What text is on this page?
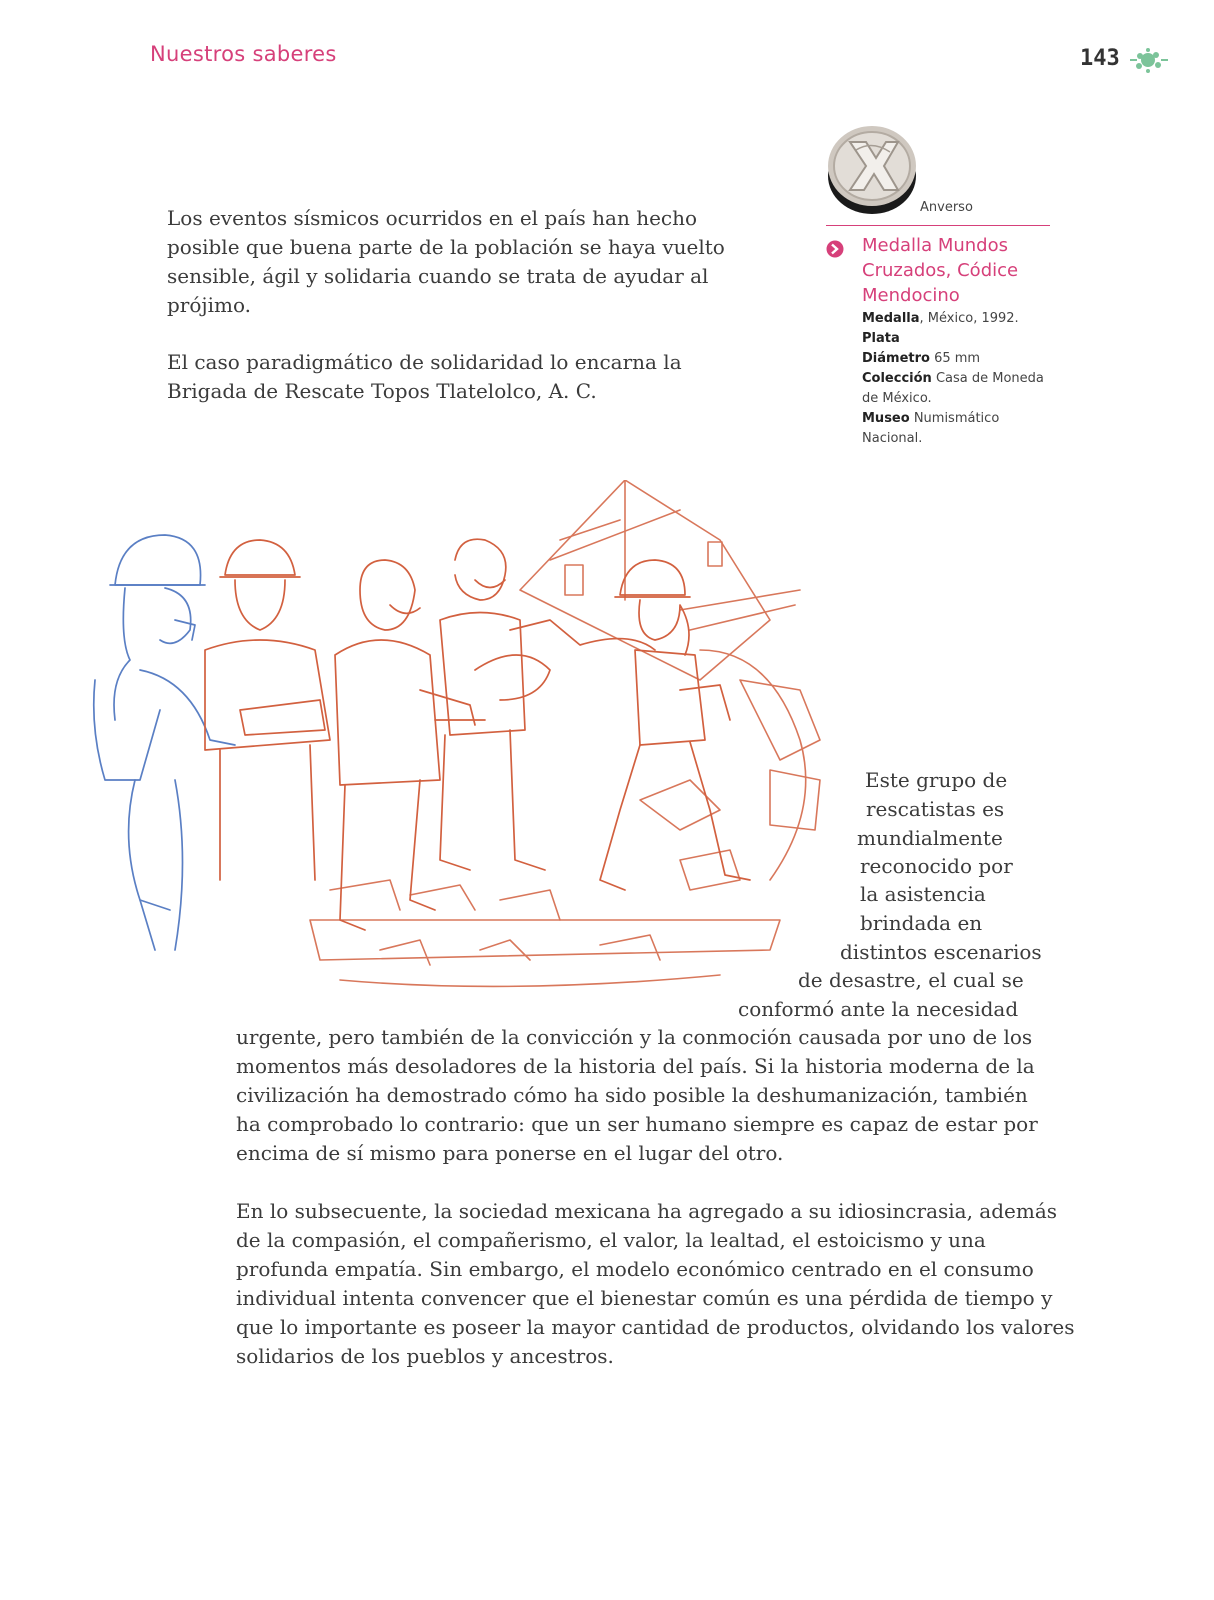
Nuestros saberes	143

Los eventos sísmicos ocurridos en el país han hecho
posible que buena parte de la población se haya vuelto
sensible, ágil y solidaria cuando se trata de ayudar al
prójimo.

El caso paradigmático de solidaridad lo encarna la
Brigada de Rescate Topos Tlatelolco, A. C.

Anverso

Medalla Mundos
Cruzados, Códice
Mendocino

Medalla, México, 1992.
Plata
Diámetro 65 mm
Colección Casa de Moneda
de México.
Museo Numismático
Nacional.
Este grupo de
rescatistas es
mundialmente
reconocido por
la asistencia
brindada en
distintos escenarios
de desastre, el cual se
conformó ante la necesidad

urgente, pero también de la convicción y la conmoción causada por uno de los

momentos más desoladores de la historia del país. Si la historia moderna de la

civilización ha demostrado cómo ha sido posible la deshumanización, también

ha comprobado lo contrario: que un ser humano siempre es capaz de estar por

encima de sí mismo para ponerse en el lugar del otro.

En lo subsecuente, la sociedad mexicana ha agregado a su idiosincrasia, además

de la compasión, el compañerismo, el valor, la lealtad, el estoicismo y una

profunda empatía. Sin embargo, el modelo económico centrado en el consumo

individual intenta convencer que el bienestar común es una pérdida de tiempo y

que lo importante es poseer la mayor cantidad de productos, olvidando los valores

solidarios de los pueblos y ancestros.
